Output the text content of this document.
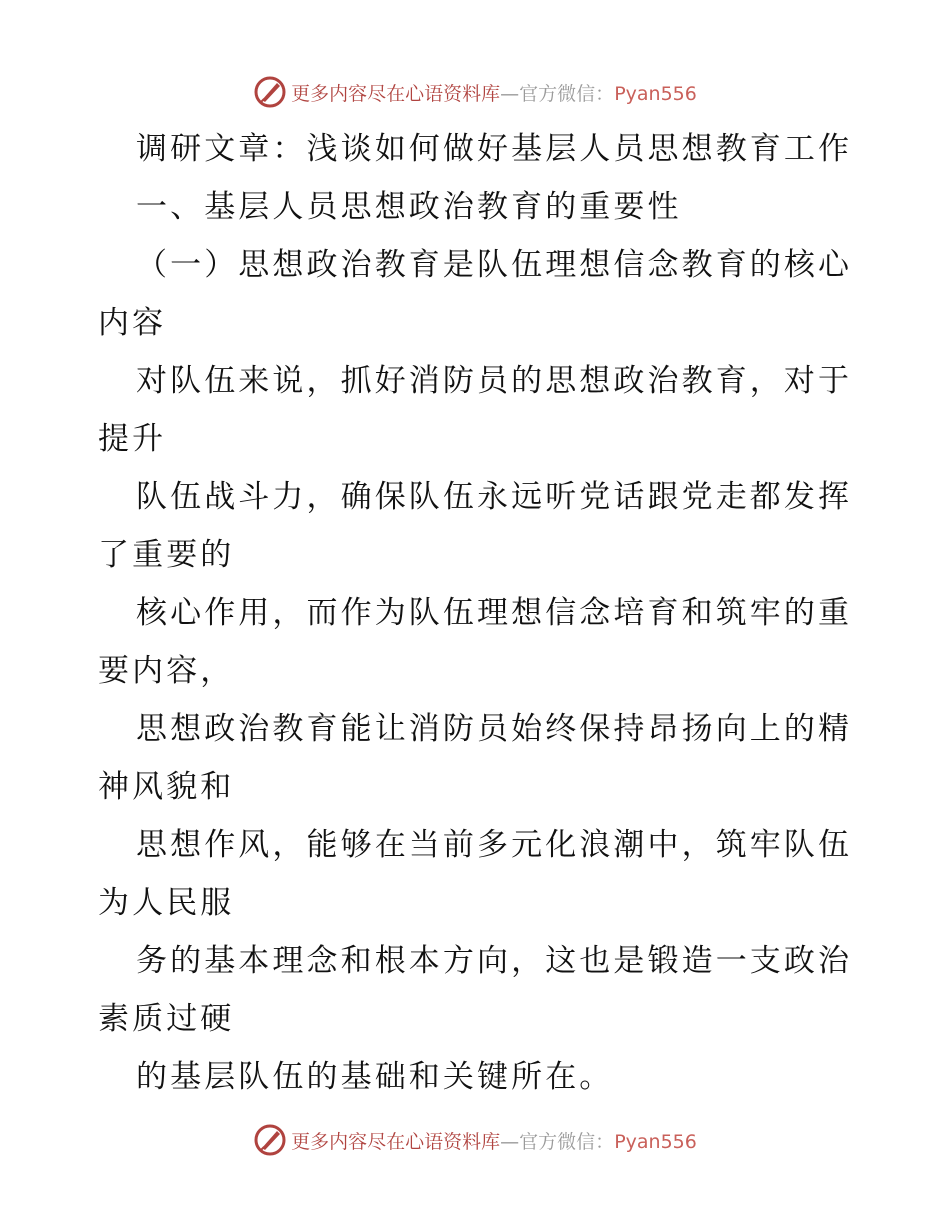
更多内容尽在心语资料库—官方微信：Pyan556
调研文章：浅谈如何做好基层人员思想教育工作
一、基层人员思想政治教育的重要性
（一）思想政治教育是队伍理想信念教育的核心
内容
对队伍来说，抓好消防员的思想政治教育，对于
提升
队伍战斗力，确保队伍永远听党话跟党走都发挥
了重要的
核心作用，而作为队伍理想信念培育和筑牢的重
要内容，
思想政治教育能让消防员始终保持昂扬向上的精
神风貌和
思想作风，能够在当前多元化浪潮中，筑牢队伍
为人民服
务的基本理念和根本方向，这也是锻造一支政治
素质过硬
的基层队伍的基础和关键所在。
更多内容尽在心语资料库—官方微信：Pyan556
